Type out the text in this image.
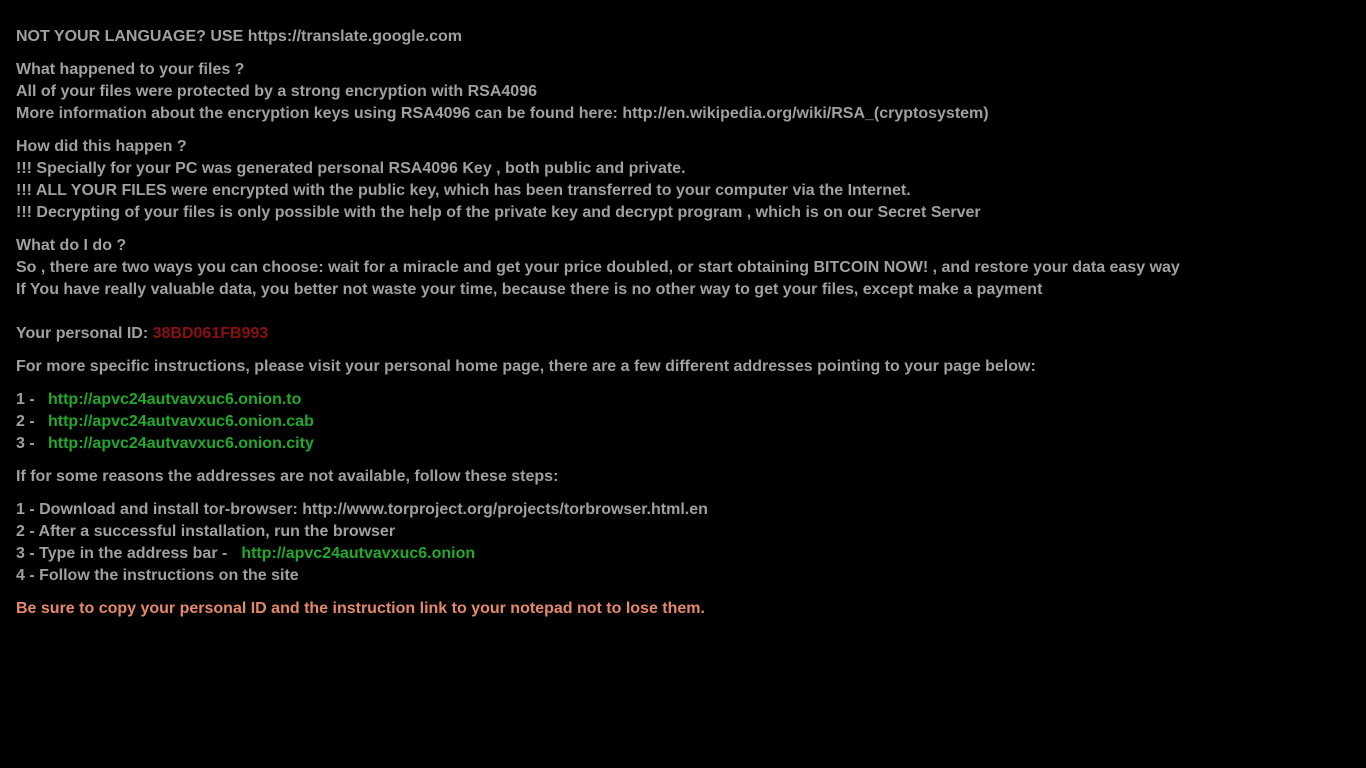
NOT YOUR LANGUAGE? USE https://translate.google.com
What happened to your files ?
All of your files were protected by a strong encryption with RSA4096
More information about the encryption keys using RSA4096 can be found here: http://en.wikipedia.org/wiki/RSA_(cryptosystem)
How did this happen ?
!!! Specially for your PC was generated personal RSA4096 Key , both public and private.
!!! ALL YOUR FILES were encrypted with the public key, which has been transferred to your computer via the Internet.
!!! Decrypting of your files is only possible with the help of the private key and decrypt program , which is on our Secret Server
What do I do ?
So , there are two ways you can choose: wait for a miracle and get your price doubled, or start obtaining BITCOIN NOW! , and restore your data easy way
If You have really valuable data, you better not waste your time, because there is no other way to get your files, except make a payment
Your personal ID: 38BD061FB993
For more specific instructions, please visit your personal home page, there are a few different addresses pointing to your page below:
1 - http://apvc24autvavxuc6.onion.to
2 - http://apvc24autvavxuc6.onion.cab
3 - http://apvc24autvavxuc6.onion.city
If for some reasons the addresses are not available, follow these steps:
1 - Download and install tor-browser: http://www.torproject.org/projects/torbrowser.html.en
2 - After a successful installation, run the browser
3 - Type in the address bar - http://apvc24autvavxuc6.onion
4 - Follow the instructions on the site
Be sure to copy your personal ID and the instruction link to your notepad not to lose them.
